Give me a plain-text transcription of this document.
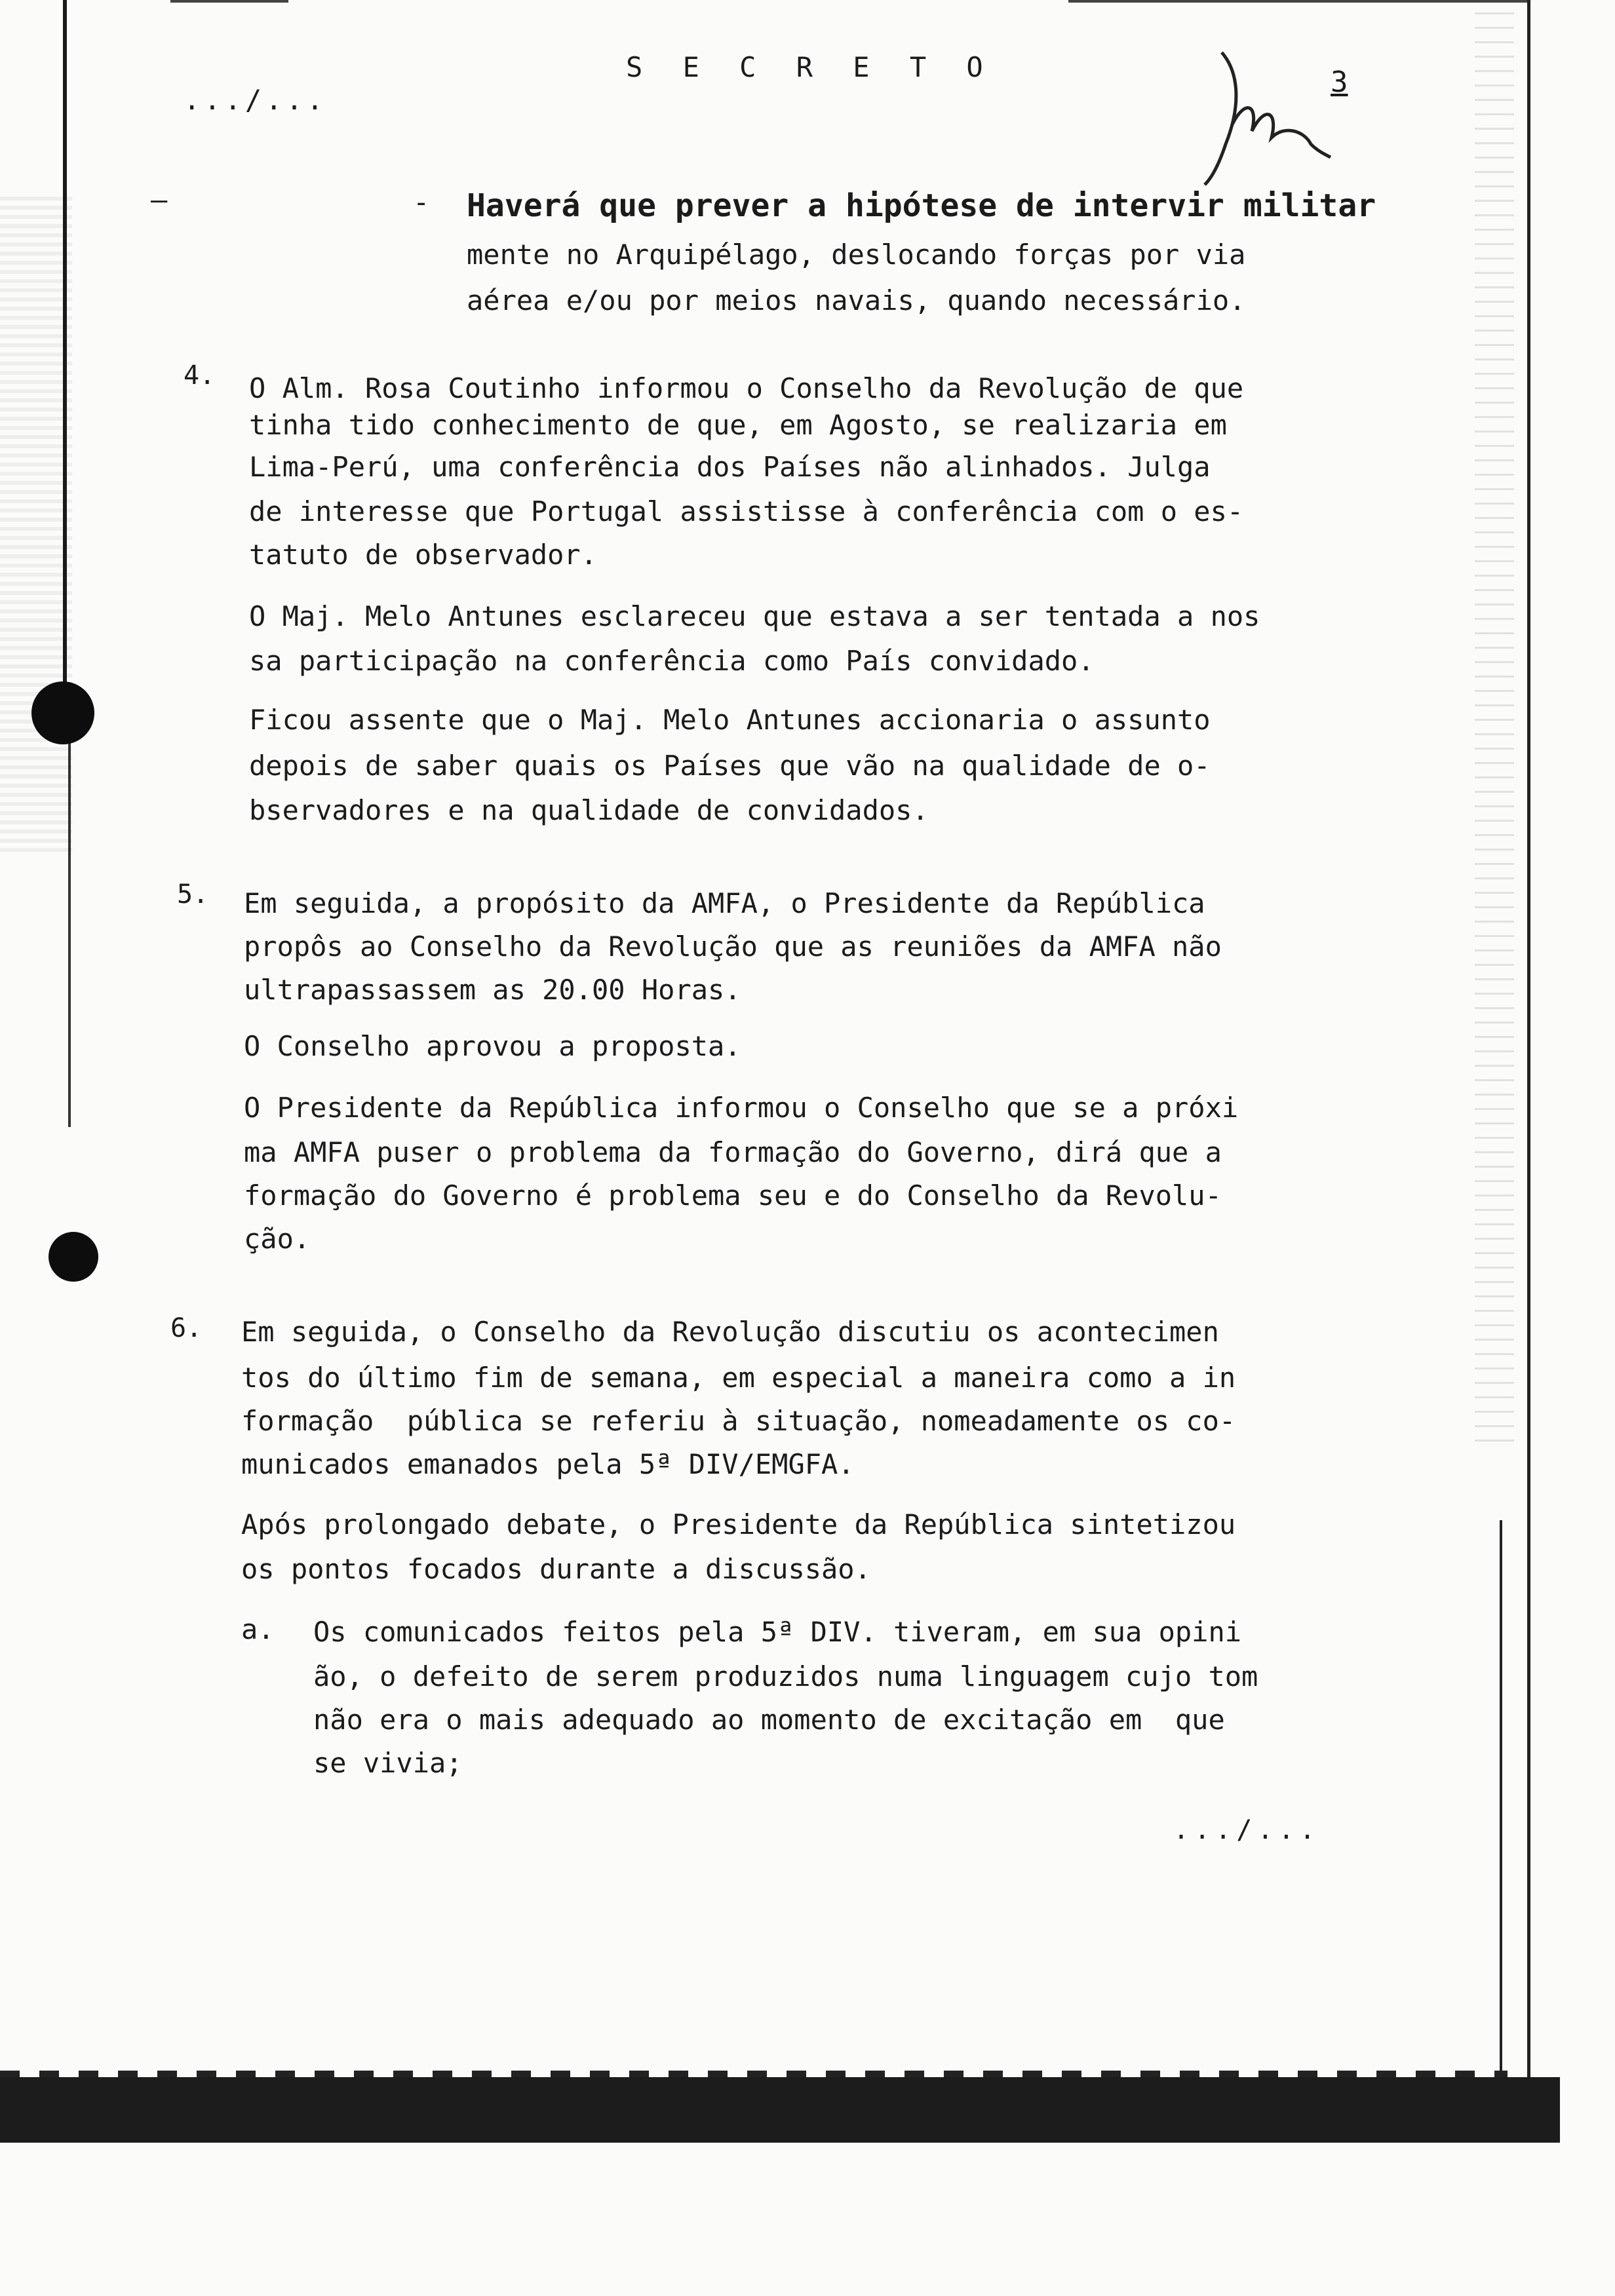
S E C R E T O
.../...
3
–	- Haverá que prever a hipótese de intervir militar
mente no Arquipélago, deslocando forças por via
aérea e/ou por meios navais, quando necessário.
4. O Alm. Rosa Coutinho informou o Conselho da Revolução de que
tinha tido conhecimento de que, em Agosto, se realizaria em
Lima-Perú, uma conferência dos Países não alinhados. Julga
de interesse que Portugal assistisse à conferência com o es-
tatuto de observador.
O Maj. Melo Antunes esclareceu que estava a ser tentada a nos
sa participação na conferência como País convidado.
Ficou assente que o Maj. Melo Antunes accionaria o assunto
depois de saber quais os Países que vão na qualidade de o-
bservadores e na qualidade de convidados.
5. Em seguida, a propósito da AMFA, o Presidente da República
propôs ao Conselho da Revolução que as reuniões da AMFA não
ultrapassassem as 20.00 Horas.
O Conselho aprovou a proposta.
O Presidente da República informou o Conselho que se a próxi
ma AMFA puser o problema da formação do Governo, dirá que a
formação do Governo é problema seu e do Conselho da Revolu-
ção.
6. Em seguida, o Conselho da Revolução discutiu os acontecimen
tos do último fim de semana, em especial a maneira como a in
formação  pública se referiu à situação, nomeadamente os co-
municados emanados pela 5ª DIV/EMGFA.
Após prolongado debate, o Presidente da República sintetizou
os pontos focados durante a discussão.
a. Os comunicados feitos pela 5ª DIV. tiveram, em sua opini
ão, o defeito de serem produzidos numa linguagem cujo tom
não era o mais adequado ao momento de excitação em  que
se vivia;
.../...
